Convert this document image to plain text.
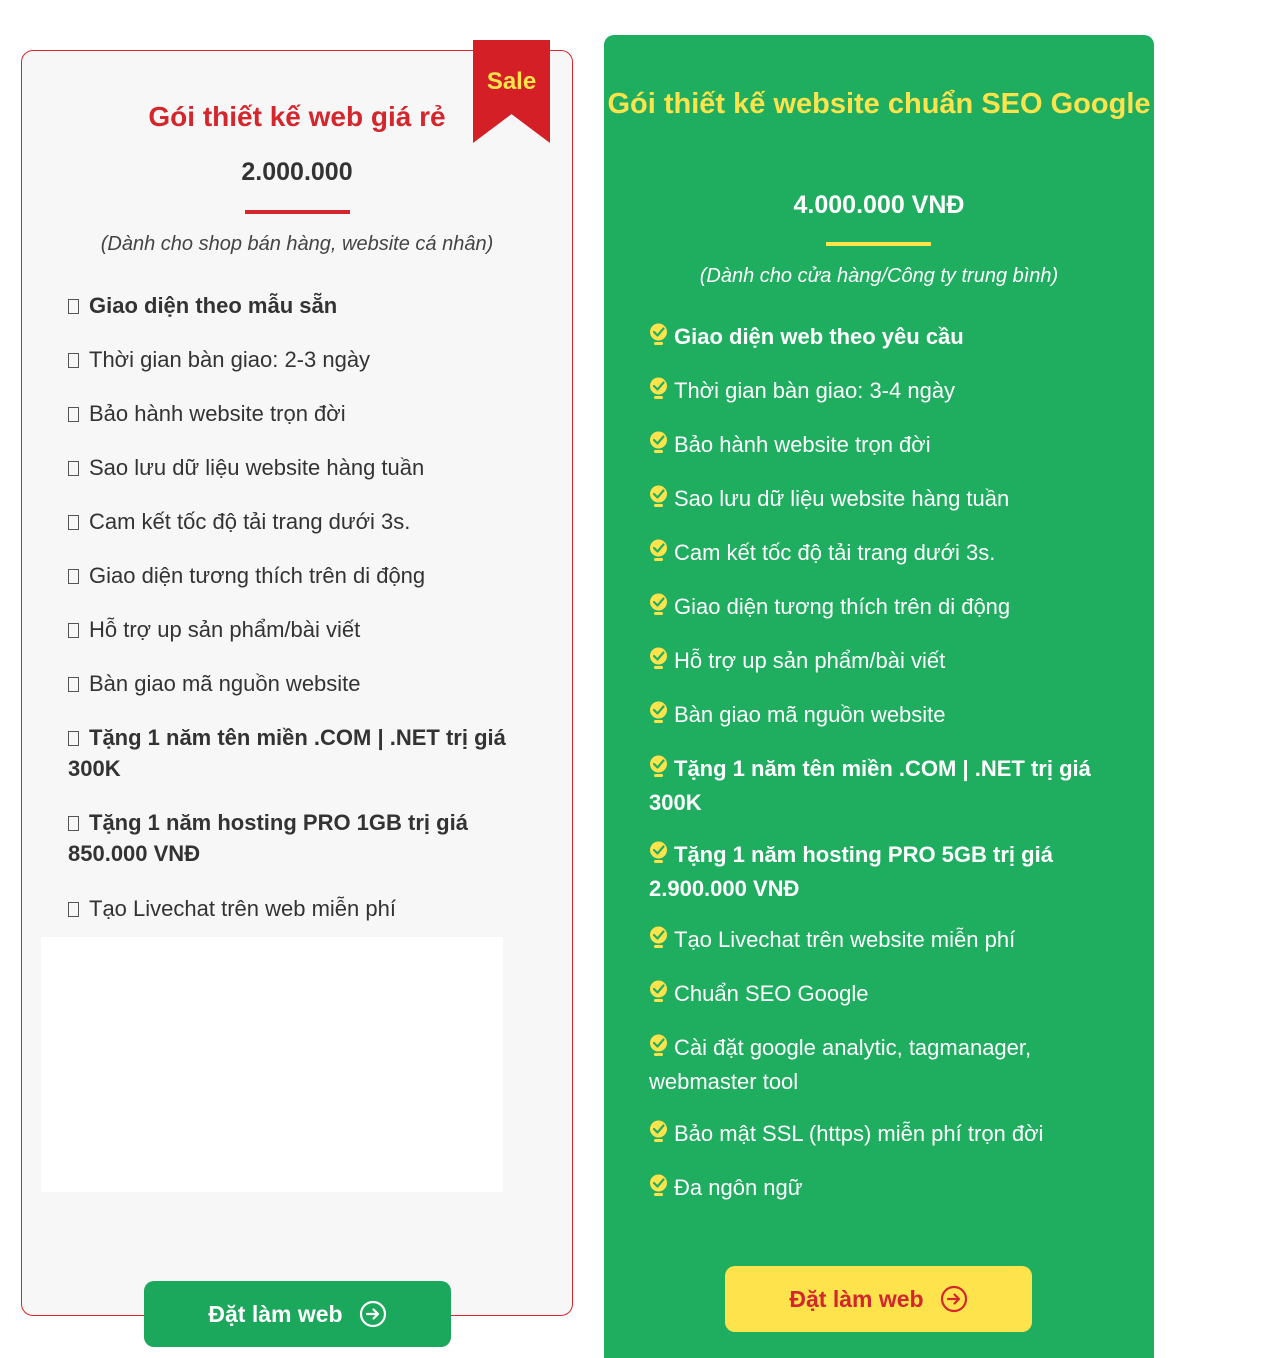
Sale
Gói thiết kế web giá rẻ
2.000.000
(Dành cho shop bán hàng, website cá nhân)
Giao diện theo mẫu sẵn
Thời gian bàn giao: 2-3 ngày
Bảo hành website trọn đời
Sao lưu dữ liệu website hàng tuần
Cam kết tốc độ tải trang dưới 3s.
Giao diện tương thích trên di động
Hỗ trợ up sản phẩm/bài viết
Bàn giao mã nguồn website
Tặng 1 năm tên miền .COM | .NET trị giá 300K
Tặng 1 năm hosting PRO 1GB trị giá 850.000 VNĐ
Tạo Livechat trên web miễn phí
Đặt làm web
Gói thiết kế website chuẩn SEO Google
4.000.000 VNĐ
(Dành cho cửa hàng/Công ty trung bình)
Giao diện web theo yêu cầu
Thời gian bàn giao: 3-4 ngày
Bảo hành website trọn đời
Sao lưu dữ liệu website hàng tuần
Cam kết tốc độ tải trang dưới 3s.
Giao diện tương thích trên di động
Hỗ trợ up sản phẩm/bài viết
Bàn giao mã nguồn website
Tặng 1 năm tên miền .COM | .NET trị giá 300K
Tặng 1 năm hosting PRO 5GB trị giá 2.900.000 VNĐ
Tạo Livechat trên website miễn phí
Chuẩn SEO Google
Cài đặt google analytic, tagmanager, webmaster tool
Bảo mật SSL (https) miễn phí trọn đời
Đa ngôn ngữ
Đặt làm web
